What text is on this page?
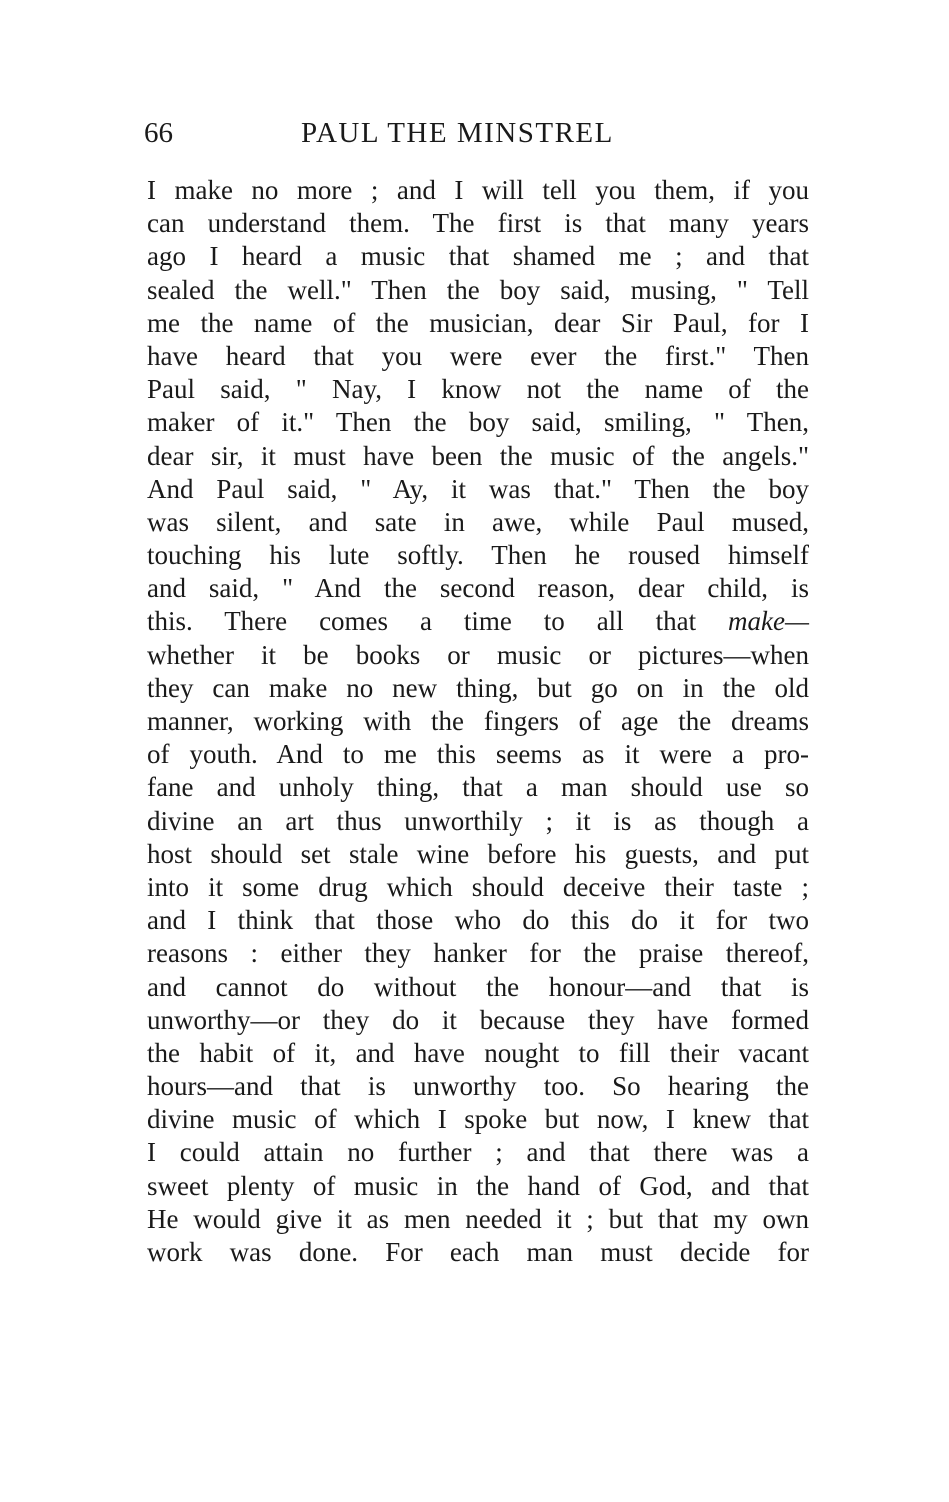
66	PAUL THE MINSTREL
I make no more ; and I will tell you them, if you
can understand them. The first is that many years
ago I heard a music that shamed me ; and that
sealed the well." Then the boy said, musing, " Tell
me the name of the musician, dear Sir Paul, for I
have heard that you were ever the first." Then
Paul said, " Nay, I know not the name of the
maker of it." Then the boy said, smiling, " Then,
dear sir, it must have been the music of the angels."
And Paul said, " Ay, it was that." Then the boy
was silent, and sate in awe, while Paul mused,
touching his lute softly. Then he roused himself
and said, " And the second reason, dear child, is
this. There comes a time to all that make—
whether it be books or music or pictures—when
they can make no new thing, but go on in the old
manner, working with the fingers of age the dreams
of youth. And to me this seems as it were a pro-
fane and unholy thing, that a man should use so
divine an art thus unworthily ; it is as though a
host should set stale wine before his guests, and put
into it some drug which should deceive their taste ;
and I think that those who do this do it for two
reasons : either they hanker for the praise thereof,
and cannot do without the honour—and that is
unworthy—or they do it because they have formed
the habit of it, and have nought to fill their vacant
hours—and that is unworthy too. So hearing the
divine music of which I spoke but now, I knew that
I could attain no further ; and that there was a
sweet plenty of music in the hand of God, and that
He would give it as men needed it ; but that my own
work was done. For each man must decide for
